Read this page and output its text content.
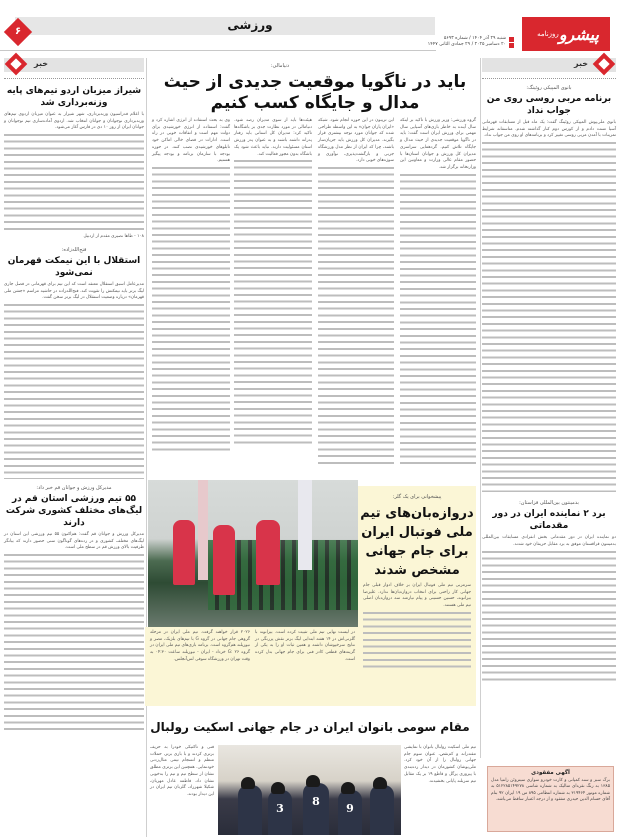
ورزشی	پیشرو
روزنامه
شنبه ۲۹ آذر ۱۴۰۴ / شماره ۵۶۹۳
۲۰ دسامبر ۲۰۲۵ / ۲۹ جمادی الثانی ۱۴۴۷
۶
دنیامالی:
باید در ناگویا موقعیت جدیدی از حیث مدال و جایگاه کسب کنیم
خبر
بانوی المپیکی روئینگ:
برنامه مربی روسی روی من جواب نداد
بانوی ملی‌پوش المپیکی روئینگ گفت: یک ماه قبل از مسابقات قهرمانی آسیا تست دادم و از کورس دوم کنار گذاشته شدم. متاسفانه شرایط تمرینات با آمدن مربی روسی تغییر کرد و برنامه‌های او روی من جواب نداد.
بدمینتون بین‌المللی فزاستان:
برد ۲ نماینده ایران در دور مقدماتی
دو نماینده ایران در دور مقدماتی بخش انفرادی مسابقات بین‌المللی بدمینتون قزاقستان موفق به برد مقابل حریفان خود شدند.
آگهی مفقودی
برگ سبز و سند کمپانی و کارت خودرو سواری سیتروئن زانتیا مدل ۱۳۸۵ به رنگ نقره‌ای متالیک به شماره شاسی ۵۱۲۲۸۵۱۴۹۲۷۸ به شماره موتور ۳۱۹۴۶۴ به شماره انتظامی ۸۹۵ س ۱۹ ایران ۹۲ بنام آقای حسام الدین حیدری مفقود و از درجه اعتبار ساقط می‌باشد.
خبر
شیراز میزبان اردو تیم‌های پایه وزنه‌برداری شد
با اعلام فدراسیون وزنه‌برداری، شهر شیراز به عنوان میزبان اردوی تیم‌های وزنه‌برداری نوجوانان و جوانان انتخاب شد. اردوی آماده‌سازی تیم نوجوانان و جوانان ایران از روز ۱۰ دی در فارس آغاز می‌شود.
۱۰۸ - طاها نصیری مقدم از اردبیل
فتح‌الله‌زاده:
استقلال با این نیمکت قهرمان نمی‌شود
مدیرعامل اسبق استقلال معتقد است که این تیم برای قهرمانی در فصل جاری لیگ برتر باید نیمکتش را تقویت کند. فتح‌الله‌زاده در حاشیه مراسم «جشن ملی قهرمان» درباره وضعیت استقلال در لیگ برتر سخن گفت.
مدیرکل ورزش و جوانان قم خبر داد:
۵۵ تیم ورزشی استان قم در لیگ‌های مختلف کشوری شرکت دارند
مدیرکل ورزش و جوانان قم گفت: هم‌اکنون ۵۵ تیم ورزشی این استان در لیگ‌های مختلف کشوری و در رده‌های گوناگون سنی حضور دارند که بیانگر ظرفیت بالای ورزش قم در سطح ملی است.
گروه ورزشی: وزیر ورزش با تاکید بر اینکه سال آینده به خاطر بازی‌های آسیایی سال مهمی برای ورزش ایران است گفت: باید در ناگویا موقعیت جدیدی از حیث مدال و جایگاه تلاش کنیم. گردهمایی سراسری مدیران کل ورزش و جوانان استان‌ها با حضور مقام عالی وزارت و معاونین این وزارتخانه برگزار شد.
این تریبون در این حوزه انجام شود. شبکه «ایران پاران جوان» به این واسطه طراحی شده که جوانان مورد توجه بیشتری قرار بگیرند. مدیران کل ورزش باید جریان‌ساز باشند، چرا که ایران از نظر مدل ورزشگاه جربی و بازگشت‌پذیری، نوآوری و سوژه‌های خوبی دارد.
هیئت‌ها باید از سوی مدیران رصد شود. دنیامالی در مورد نظارت جدی بر باشگاه‌ها تاکید کرد: مدیران کل استانی باید رفتار پدرانه داشته باشند و به عنوان پدر ورزش استان مسئولیت دارند. نباید باعث شود یک باشگاه بدون مجوز فعالیت کند.
وی به بحث استفاده از انرژی اشاره کرد و گفت: استفاده از انرژی خورشیدی برای دولت مهم است و اتفاقات خوبی در راه است. ادارات در فضای خالی اماکن خود تابلوهای خورشیدی نصب کنند. در حوزه بودجه با سازمان برنامه و بودجه پیگیر هستیم.
پیشخوانی برای یک گلر:
دروازه‌بان‌های تیم ملی فوتبال ایران برای جام جهانی مشخص شدند
سرمربی تیم ملی فوتبال ایران بر خلاف ادوار قبلی جام جهانی کار راحتی برای انتخاب دروازه‌بان‌ها ندارد. علیرضا بیرانوند، حسین حسینی و پیام نیازمند سه دروازه‌بان اصلی تیم ملی هستند.
در لیست نهایی تیم ملی تثبیت کرده است. بیرانوند با گلزنی‌اش در ۱۴ هفته ابتدایی لیگ برتر نقش پررنگی در نتایج سرخپوشان داشته و همین ثبات او را به یکی از گزینه‌های قطعی کادر فنی برای جام جهانی بدل کرده است.
۲۰۲۶ قرار خواهند گرفت. تیم ملی ایران در مرحله گروهی جام جهانی در گروه G با تیم‌های بلژیک، مصر و نیوزیلند هم‌گروه است. برنامه بازی‌های تیم ملی ایران در گروه G: ۲۶ خرداد - ایران - نیوزیلند ساعت ۰۴:۳۰ به وقت تهران در ورزشگاه سوفی لس‌آنجلس.
مقام سومی بانوان ایران در جام جهانی اسکیت رولبال
تیم ملی اسکیت رولبال بانوان با نمایشی مقتدرانه و کم‌نقص، عنوان سوم جام جهانی رولبال را از آن خود کرد. ملی‌پوشان کشورمان در دیدار رده‌بندی با پیروزی پرگل و قاطع ۱۹ بر یک مقابل تیم سربلند پایانی بخشیدند.
فنی و تاکتیکی خودرا به حریف برتری کردند و با بازی برتر، حملات منظم و انسجام تیمی مثال‌زدنی خودنمایی. همچنین این برتری مطلق نشان از سطح تیم و تیم را به‌خوبی نشان داد. فاطمه عادل مهربان، شکیلا شهرزاد، گلزنان تیم ایران در این دیدار بودند.
3
8
9
